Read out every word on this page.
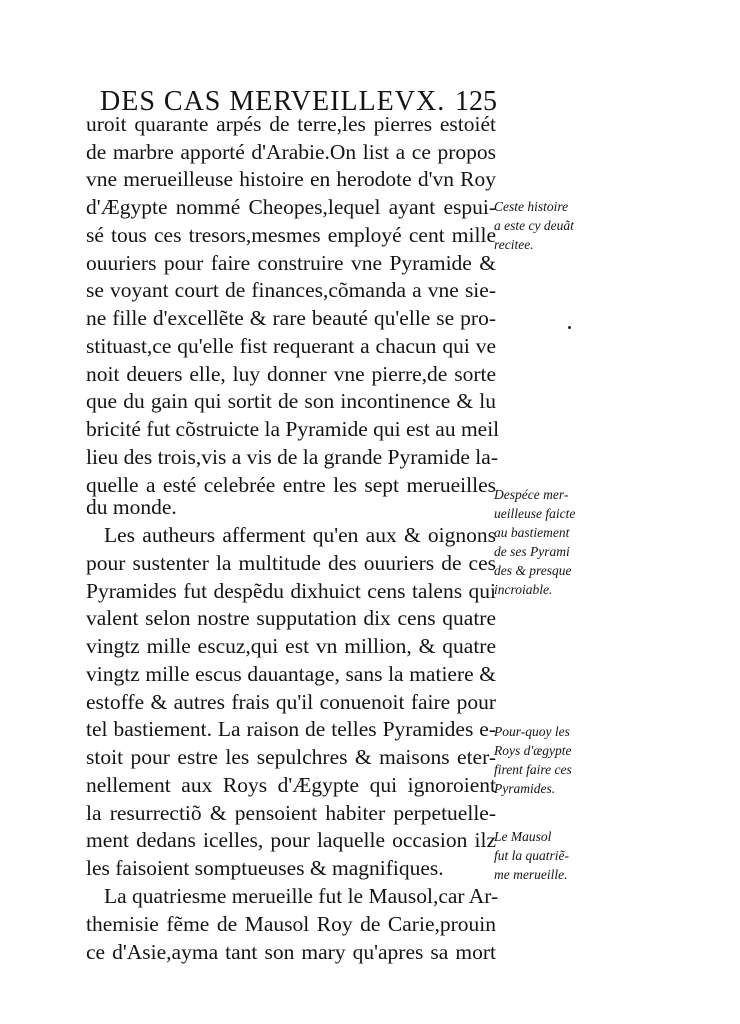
DES CAS MERVEILLEVX. 125
uroit quarante arpés de terre,les pierres estoiét
de marbre apporté d'Arabie.On list a ce propos
vne merueilleuse histoire en herodote d'vn Roy
d'Ægypte nommé Cheopes,lequel ayant espui-
sé tous ces tresors,mesmes employé cent mille
ouuriers pour faire construire vne Pyramide &
se voyant court de finances,cõmanda a vne sie-
ne fille d'excellẽte & rare beauté qu'elle se pro-
stituast,ce qu'elle fist requerant a chacun qui ve
noit deuers elle, luy donner vne pierre,de sorte
que du gain qui sortit de son incontinence & lu
bricité fut cõstruicte la Pyramide qui est au meil
lieu des trois,vis a vis de la grande Pyramide la-
quelle a esté celebrée entre les sept merueilles
du monde.
Les autheurs afferment qu'en aux & oignons
pour sustenter la multitude des ouuriers de ces
Pyramides fut despẽdu dixhuict cens talens qui
valent selon nostre supputation dix cens quatre
vingtz mille escuz,qui est vn million, & quatre
vingtz mille escus dauantage, sans la matiere &
estoffe & autres frais qu'il conuenoit faire pour
tel bastiement. La raison de telles Pyramides e-
stoit pour estre les sepulchres & maisons eter-
nellement aux Roys d'Ægypte qui ignoroient
la resurrectiõ & pensoient habiter perpetuelle-
ment dedans icelles, pour laquelle occasion ilz
les faisoient somptueuses & magnifiques.
La quatriesme merueille fut le Mausol,car Ar-
themisie fẽme de Mausol Roy de Carie,prouin
ce d'Asie,ayma tant son mary qu'apres sa mort
Ceste histoire
a este cy deuãt
recitee.
Despéce mer-
ueilleuse faicte
au bastiement
de ses Pyrami
des & presque
incroiable.
Pour-quoy les
Roys d'ægypte
firent faire ces
Pyramides.
Le Mausol
fut la quatriẽ-
me merueille.
